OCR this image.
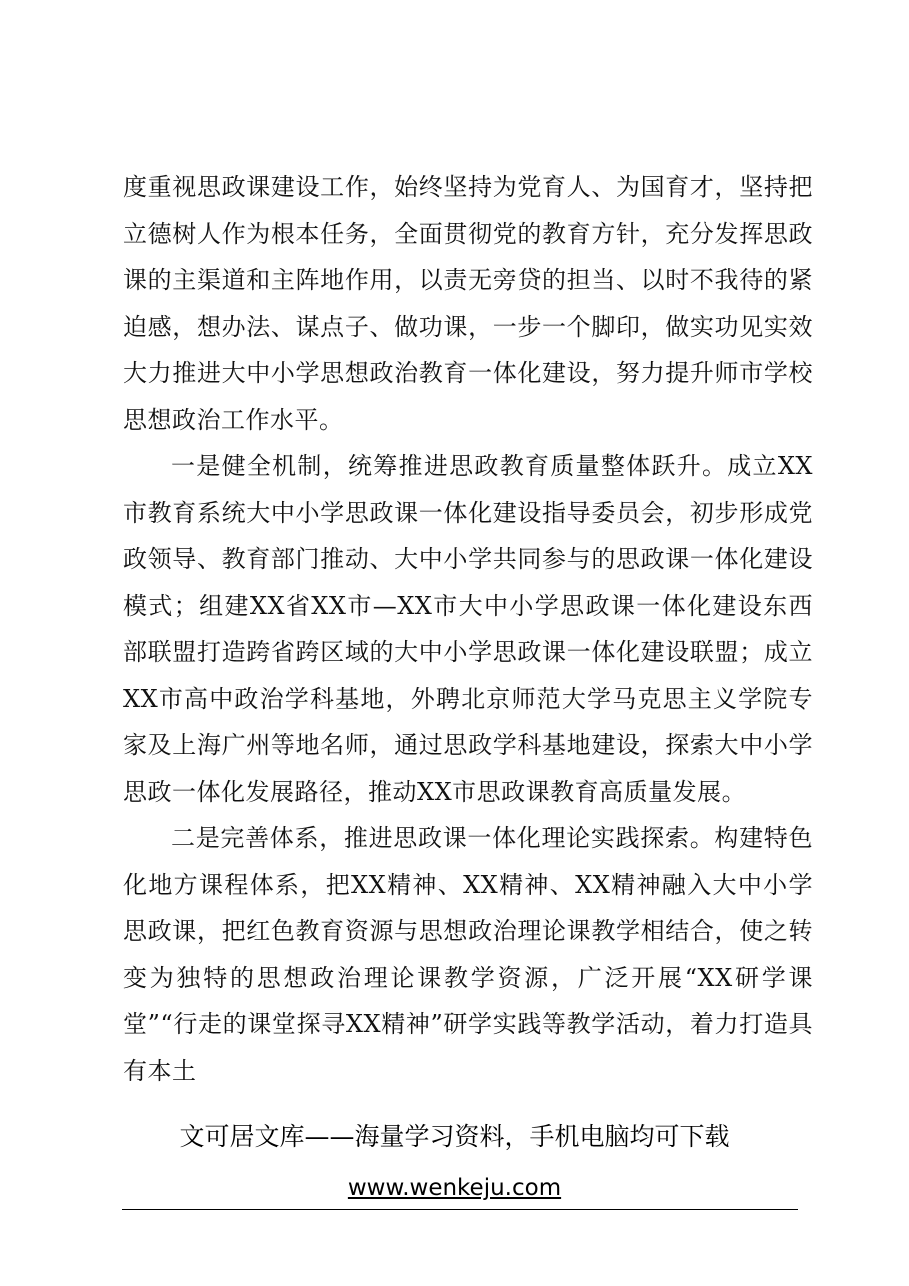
度重视思政课建设工作，始终坚持为党育人、为国育才，坚持把立德树人作为根本任务，全面贯彻党的教育方针，充分发挥思政课的主渠道和主阵地作用，以责无旁贷的担当、以时不我待的紧迫感，想办法、谋点子、做功课，一步一个脚印，做实功见实效大力推进大中小学思想政治教育一体化建设，努力提升师市学校思想政治工作水平。

一是健全机制，统筹推进思政教育质量整体跃升。成立XX市教育系统大中小学思政课一体化建设指导委员会，初步形成党政领导、教育部门推动、大中小学共同参与的思政课一体化建设模式；组建XX省XX市—XX市大中小学思政课一体化建设东西部联盟打造跨省跨区域的大中小学思政课一体化建设联盟；成立XX市高中政治学科基地，外聘北京师范大学马克思主义学院专家及上海广州等地名师，通过思政学科基地建设，探索大中小学思政一体化发展路径，推动XX市思政课教育高质量发展。

二是完善体系，推进思政课一体化理论实践探索。构建特色化地方课程体系，把XX精神、XX精神、XX精神融入大中小学思政课，把红色教育资源与思想政治理论课教学相结合，使之转变为独特的思想政治理论课教学资源，广泛开展“XX研学课堂”“行走的课堂探寻XX精神”研学实践等教学活动，着力打造具有本土

文可居文库——海量学习资料，手机电脑均可下载
www.wenkeju.com
